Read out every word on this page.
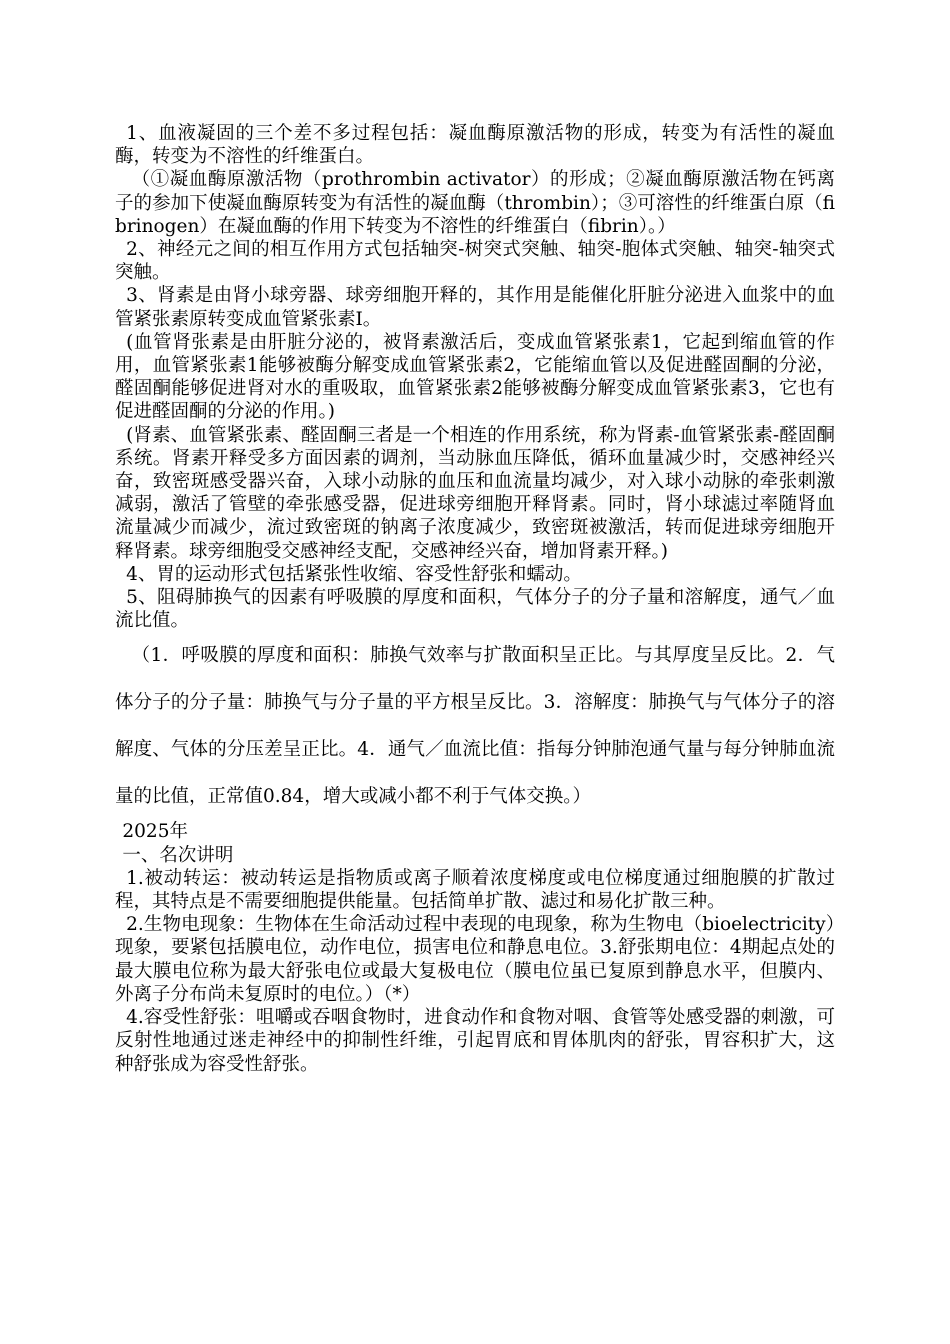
1、血液凝固的三个差不多过程包括：凝血酶原激活物的形成，转变为有活性的凝血酶，转变为不溶性的纤维蛋白。

（①凝血酶原激活物（prothrombin activator）的形成；②凝血酶原激活物在钙离子的参加下使凝血酶原转变为有活性的凝血酶（thrombin）；③可溶性的纤维蛋白原（fibrinogen）在凝血酶的作用下转变为不溶性的纤维蛋白（fibrin）。）

2、神经元之间的相互作用方式包括轴突-树突式突触、轴突-胞体式突触、轴突-轴突式突触。

3、肾素是由肾小球旁器、球旁细胞开释的，其作用是能催化肝脏分泌进入血浆中的血管紧张素原转变成血管紧张素Ⅰ。

(血管肾张素是由肝脏分泌的，被肾素激活后，变成血管紧张素1，它起到缩血管的作用，血管紧张素1能够被酶分解变成血管紧张素2，它能缩血管以及促进醛固酮的分泌，醛固酮能够促进肾对水的重吸取，血管紧张素2能够被酶分解变成血管紧张素3，它也有促进醛固酮的分泌的作用。)

(肾素、血管紧张素、醛固酮三者是一个相连的作用系统，称为肾素-血管紧张素-醛固酮系统。肾素开释受多方面因素的调剂，当动脉血压降低，循环血量减少时，交感神经兴奋，致密斑感受器兴奋，入球小动脉的血压和血流量均减少，对入球小动脉的牵张刺激减弱，激活了管壁的牵张感受器，促进球旁细胞开释肾素。同时，肾小球滤过率随肾血流量减少而减少，流过致密斑的钠离子浓度减少，致密斑被激活，转而促进球旁细胞开释肾素。球旁细胞受交感神经支配，交感神经兴奋，增加肾素开释。)

4、胃的运动形式包括紧张性收缩、容受性舒张和蠕动。

5、阻碍肺换气的因素有呼吸膜的厚度和面积，气体分子的分子量和溶解度，通气／血流比值。

（1．呼吸膜的厚度和面积：肺换气效率与扩散面积呈正比。与其厚度呈反比。2．气体分子的分子量：肺换气与分子量的平方根呈反比。3．溶解度：肺换气与气体分子的溶解度、气体的分压差呈正比。4．通气／血流比值：指每分钟肺泡通气量与每分钟肺血流量的比值，正常值0.84，增大或减小都不利于气体交换。）

2025年

一、名次讲明

1.被动转运：被动转运是指物质或离子顺着浓度梯度或电位梯度通过细胞膜的扩散过程，其特点是不需要细胞提供能量。包括简单扩散、滤过和易化扩散三种。

2.生物电现象：生物体在生命活动过程中表现的电现象，称为生物电（bioelectricity）现象，要紧包括膜电位，动作电位，损害电位和静息电位。3.舒张期电位：4期起点处的最大膜电位称为最大舒张电位或最大复极电位（膜电位虽已复原到静息水平，但膜内、外离子分布尚未复原时的电位。）（*）

4.容受性舒张：咀嚼或吞咽食物时，进食动作和食物对咽、食管等处感受器的刺激，可反射性地通过迷走神经中的抑制性纤维，引起胃底和胃体肌肉的舒张，胃容积扩大，这种舒张成为容受性舒张。
